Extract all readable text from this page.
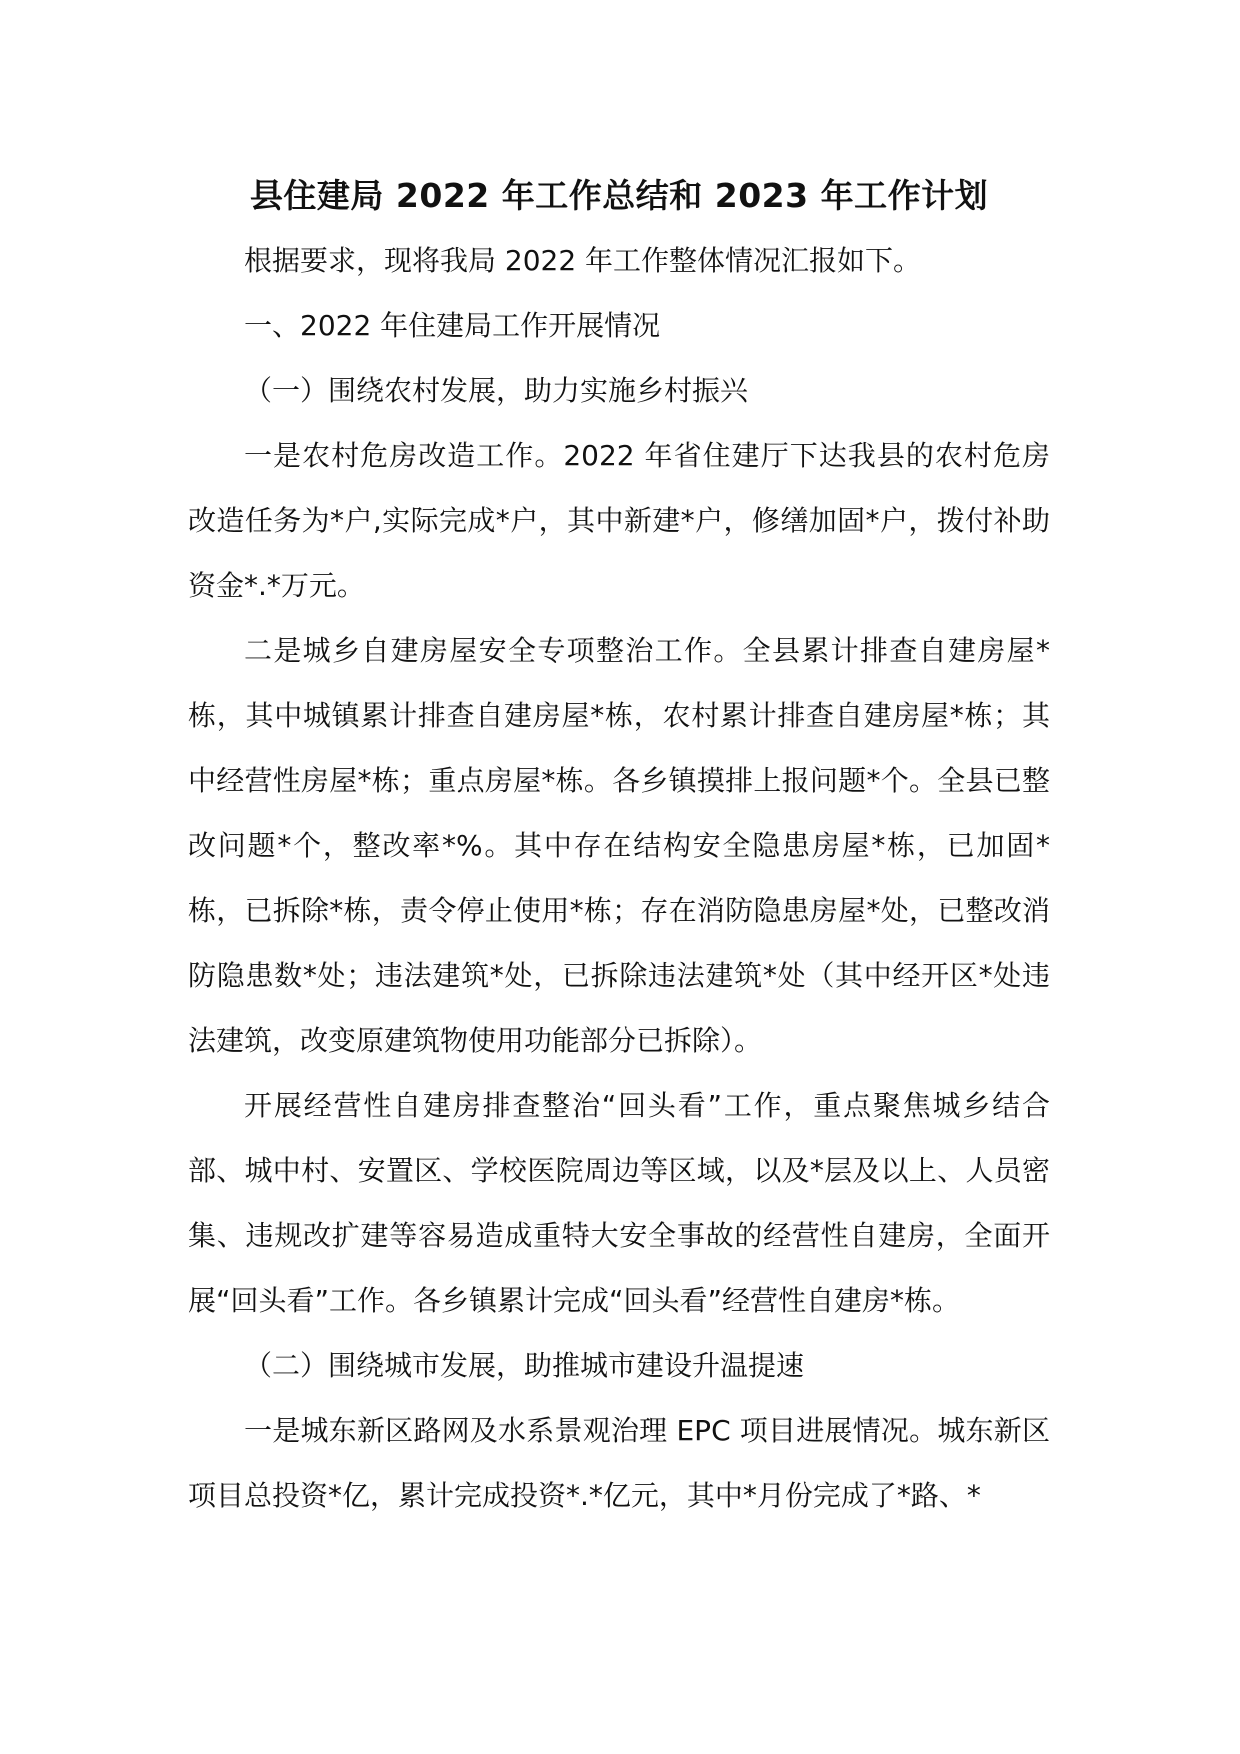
县住建局 2022 年工作总结和 2023 年工作计划

根据要求，现将我局 2022 年工作整体情况汇报如下。

一、2022 年住建局工作开展情况

（一）围绕农村发展，助力实施乡村振兴

一是农村危房改造工作。2022 年省住建厅下达我县的农村危房改造任务为*户,实际完成*户，其中新建*户，修缮加固*户，拨付补助资金*.*万元。

二是城乡自建房屋安全专项整治工作。全县累计排查自建房屋*栋，其中城镇累计排查自建房屋*栋，农村累计排查自建房屋*栋；其中经营性房屋*栋；重点房屋*栋。各乡镇摸排上报问题*个。全县已整改问题*个，整改率*%。其中存在结构安全隐患房屋*栋，已加固*栋，已拆除*栋，责令停止使用*栋；存在消防隐患房屋*处，已整改消防隐患数*处；违法建筑*处，已拆除违法建筑*处（其中经开区*处违法建筑，改变原建筑物使用功能部分已拆除）。

开展经营性自建房排查整治“回头看”工作，重点聚焦城乡结合部、城中村、安置区、学校医院周边等区域，以及*层及以上、人员密集、违规改扩建等容易造成重特大安全事故的经营性自建房，全面开展“回头看”工作。各乡镇累计完成“回头看”经营性自建房*栋。

（二）围绕城市发展，助推城市建设升温提速

一是城东新区路网及水系景观治理 EPC 项目进展情况。城东新区项目总投资*亿，累计完成投资*.*亿元，其中*月份完成了*路、*
